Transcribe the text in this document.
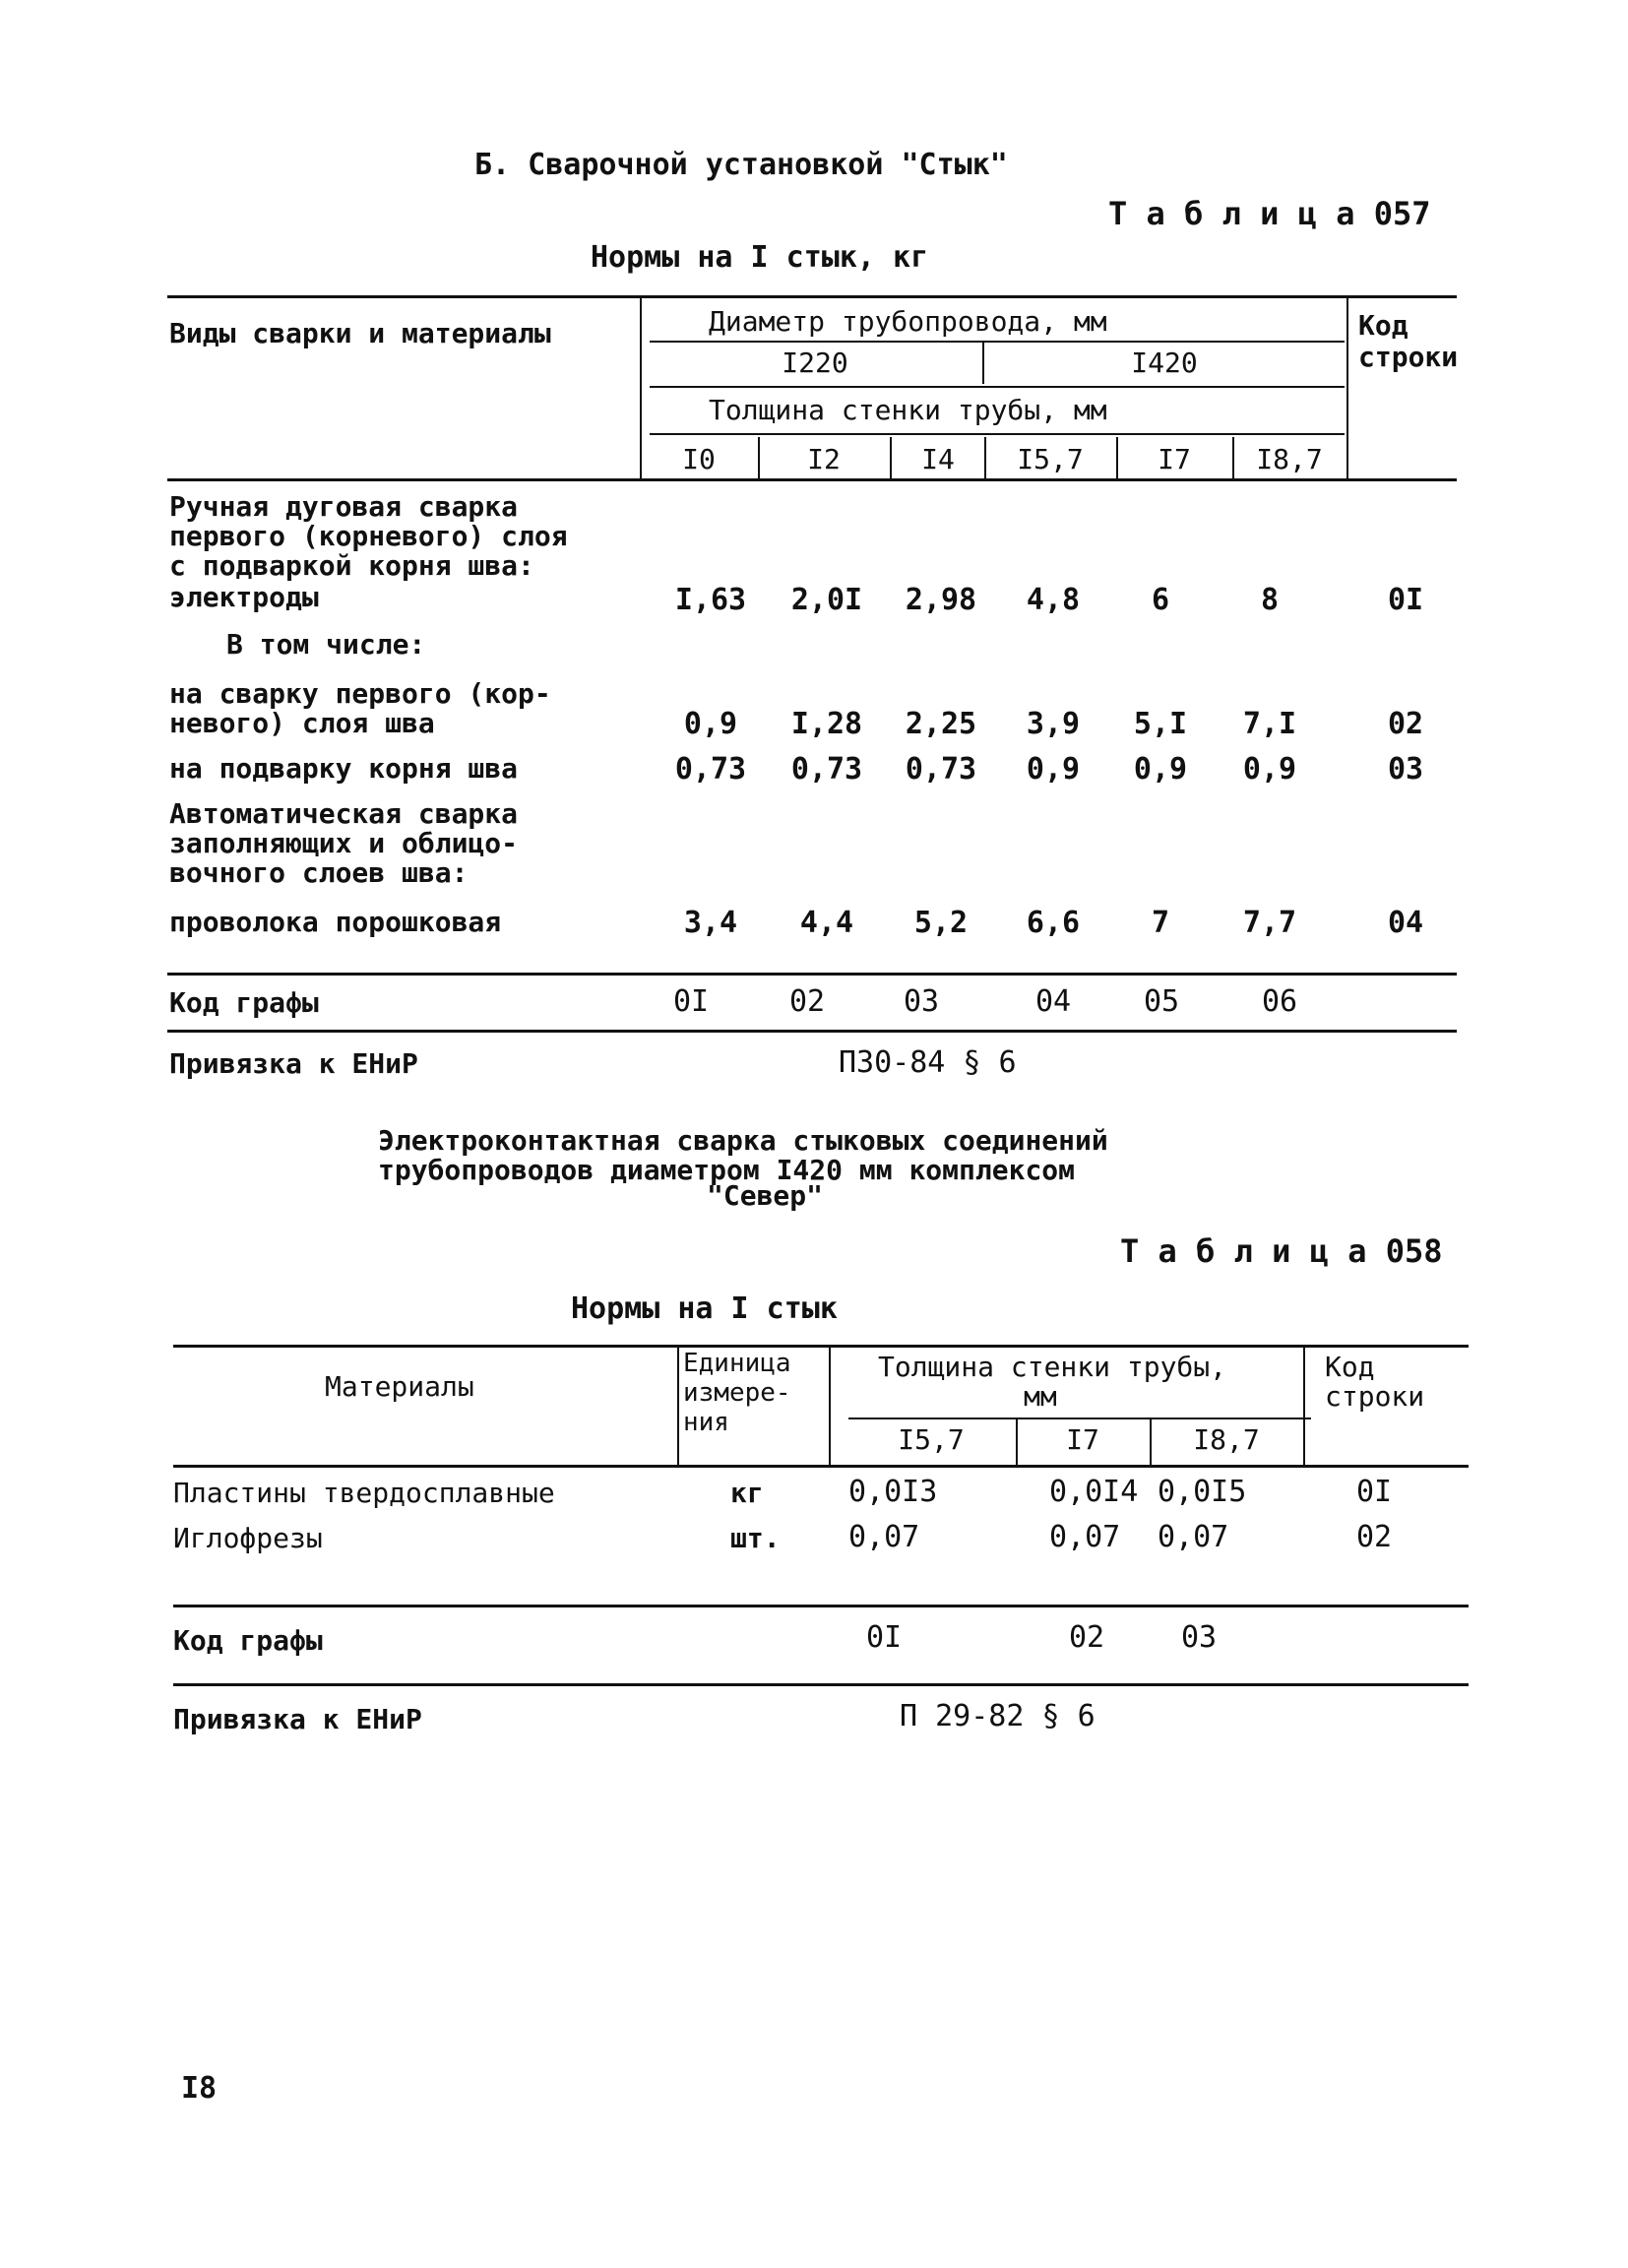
Б. Сварочной установкой "Стык"
Т а б л и ц а 057
Нормы на I стык, кг
Виды сварки и материалы	Диаметр трубопровода, мм
I220	I420
Толщина стенки трубы, мм
Код
строки
I0	I2	I4	I5,7	I7	I8,7
Ручная дуговая сварка
первого (корневого) слоя
с подваркой корня шва:
электроды	I,63	2,0I	2,98	4,8	6	8	0I
В том числе:
на сварку первого (кор-
невого) слоя шва	0,9	I,28	2,25	3,9	5,I	7,I	02
на подварку корня шва	0,73	0,73	0,73	0,9	0,9	0,9	03
Автоматическая сварка
заполняющих и облицо-
вочного слоев шва:
проволока порошковая	3,4	4,4	5,2	6,6	7	7,7	04
Код графы	0I	02	03	04	05	06
Привязка к ЕНиР	П30-84 § 6
Электроконтактная сварка стыковых соединений
трубопроводов диаметром I420 мм комплексом
"Север"
Т а б л и ц а 058
Нормы на I стык
Материалы
Единица
измере-
ния
Толщина стенки трубы,
мм
Код
строки
I5,7	I7	I8,7
Пластины твердосплавные	кг	0,0I3	0,0I4 0,0I5	0I
Иглофрезы	шт. 0,07	0,07 0,07	02
Код графы	0I	02	03
Привязка к ЕНиР	П 29-82 § 6
I8
